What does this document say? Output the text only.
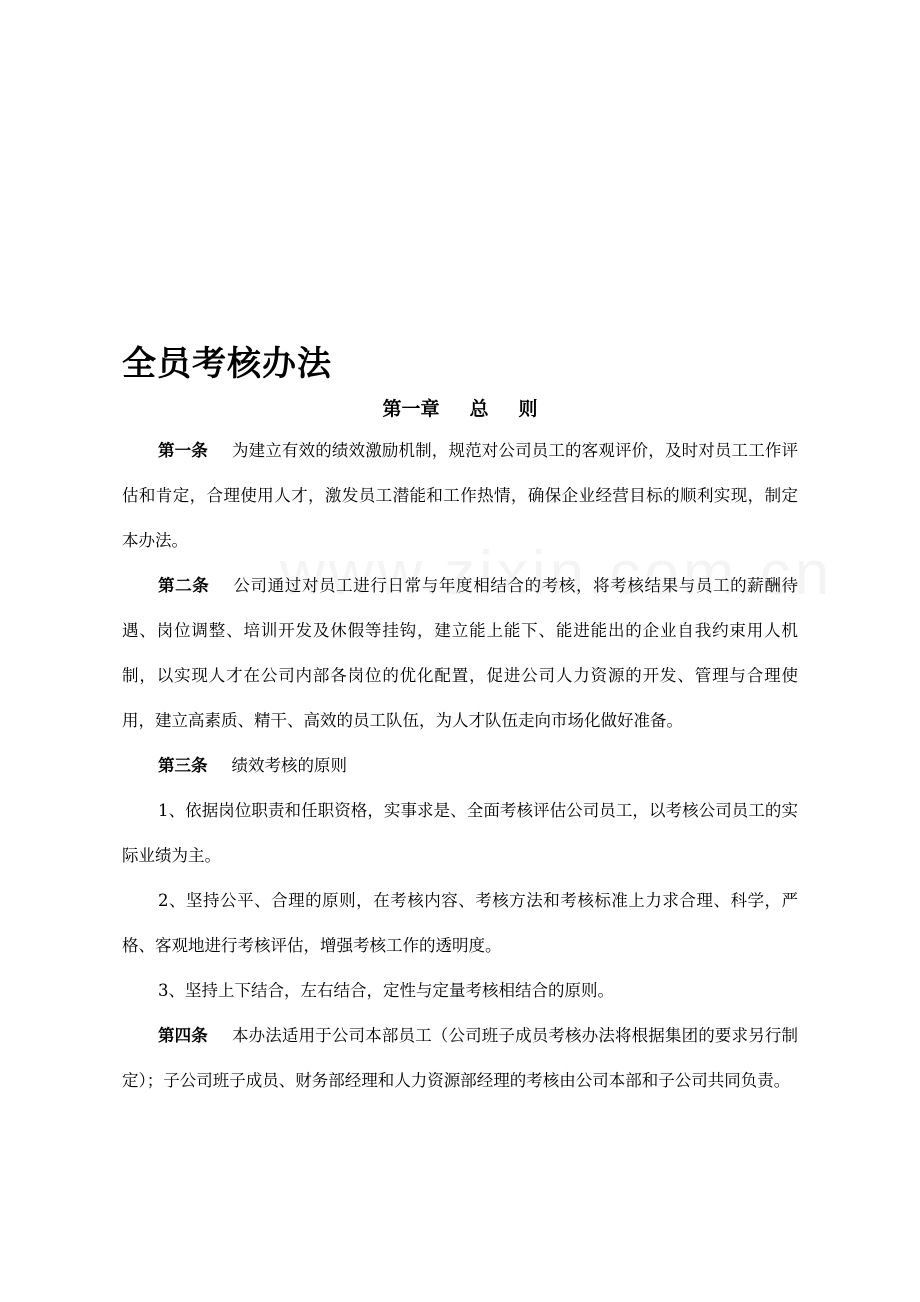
全员考核办法
第一章 总 则

第一条 为建立有效的绩效激励机制，规范对公司员工的客观评价，及时对员工工作评估和肯定，合理使用人才，激发员工潜能和工作热情，确保企业经营目标的顺利实现，制定本办法。

第二条 公司通过对员工进行日常与年度相结合的考核，将考核结果与员工的薪酬待遇、岗位调整、培训开发及休假等挂钩，建立能上能下、能进能出的企业自我约束用人机制，以实现人才在公司内部各岗位的优化配置，促进公司人力资源的开发、管理与合理使用，建立高素质、精干、高效的员工队伍，为人才队伍走向市场化做好准备。

第三条 绩效考核的原则

1、依据岗位职责和任职资格，实事求是、全面考核评估公司员工，以考核公司员工的实际业绩为主。

2、坚持公平、合理的原则，在考核内容、考核方法和考核标准上力求合理、科学，严格、客观地进行考核评估，增强考核工作的透明度。

3、坚持上下结合，左右结合，定性与定量考核相结合的原则。

第四条 本办法适用于公司本部员工（公司班子成员考核办法将根据集团的要求另行制定）；子公司班子成员、财务部经理和人力资源部经理的考核由公司本部和子公司共同负责。
